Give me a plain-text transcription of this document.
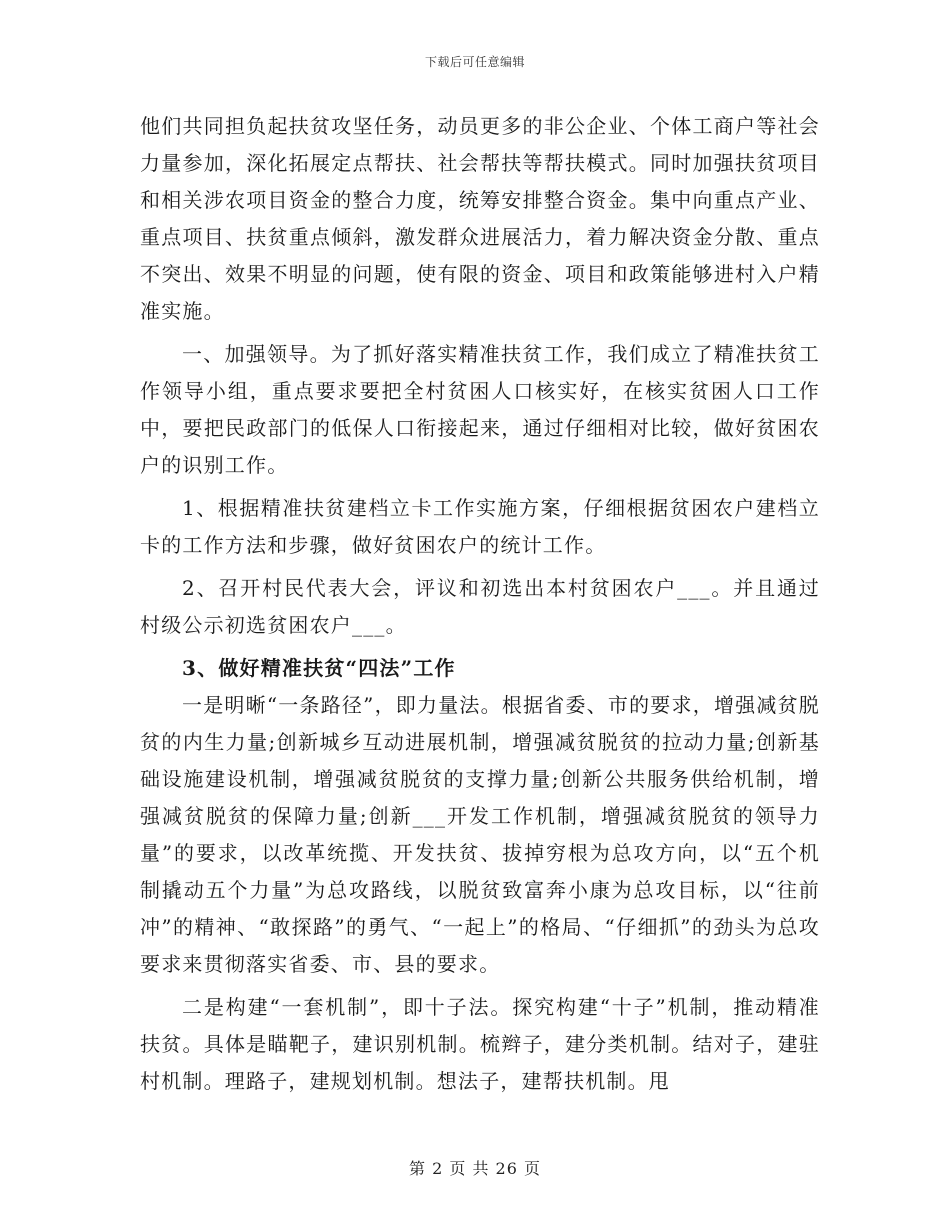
下载后可任意编辑

他们共同担负起扶贫攻坚任务，动员更多的非公企业、个体工商户等社会力量参加，深化拓展定点帮扶、社会帮扶等帮扶模式。同时加强扶贫项目和相关涉农项目资金的整合力度，统筹安排整合资金。集中向重点产业、重点项目、扶贫重点倾斜，激发群众进展活力，着力解决资金分散、重点不突出、效果不明显的问题，使有限的资金、项目和政策能够进村入户精准实施。

一、加强领导。为了抓好落实精准扶贫工作，我们成立了精准扶贫工作领导小组，重点要求要把全村贫困人口核实好，在核实贫困人口工作中，要把民政部门的低保人口衔接起来，通过仔细相对比较，做好贫困农户的识别工作。

1、根据精准扶贫建档立卡工作实施方案，仔细根据贫困农户建档立卡的工作方法和步骤，做好贫困农户的统计工作。

2、召开村民代表大会，评议和初选出本村贫困农户___。并且通过村级公示初选贫困农户___。

3、做好精准扶贫“四法”工作

一是明晰“一条路径”，即力量法。根据省委、市的要求，增强减贫脱贫的内生力量;创新城乡互动进展机制，增强减贫脱贫的拉动力量;创新基础设施建设机制，增强减贫脱贫的支撑力量;创新公共服务供给机制，增强减贫脱贫的保障力量;创新___开发工作机制，增强减贫脱贫的领导力量”的要求，以改革统揽、开发扶贫、拔掉穷根为总攻方向，以“五个机制撬动五个力量”为总攻路线，以脱贫致富奔小康为总攻目标，以“往前冲”的精神、“敢探路”的勇气、“一起上”的格局、“仔细抓”的劲头为总攻要求来贯彻落实省委、市、县的要求。

二是构建“一套机制”，即十子法。探究构建“十子”机制，推动精准扶贫。具体是瞄靶子，建识别机制。梳辫子，建分类机制。结对子，建驻村机制。理路子，建规划机制。想法子，建帮扶机制。甩

第 2 页 共 26 页
